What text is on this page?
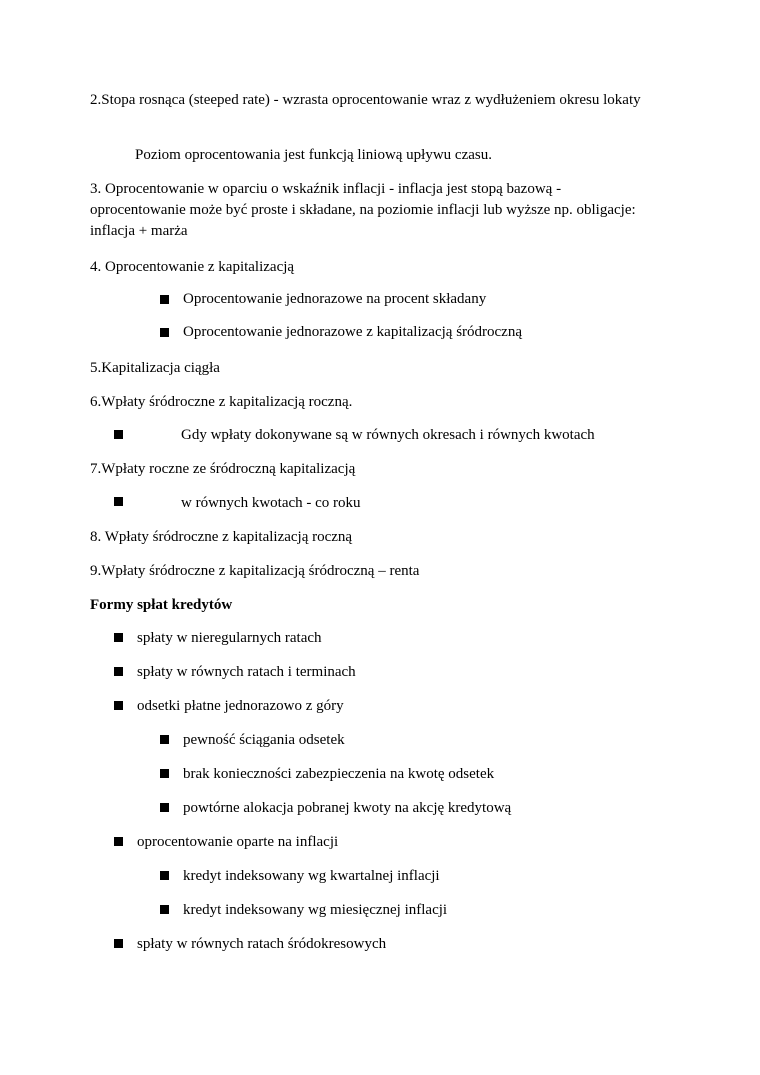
2.Stopa rosnąca (steeped rate) - wzrasta oprocentowanie wraz z wydłużeniem okresu lokaty
Poziom oprocentowania jest funkcją liniową upływu czasu.
3. Oprocentowanie w oparciu o wskaźnik inflacji - inflacja jest stopą bazową - oprocentowanie może być proste i składane, na poziomie inflacji lub wyższe np. obligacje: inflacja + marża
4. Oprocentowanie z kapitalizacją
Oprocentowanie jednorazowe na procent składany
Oprocentowanie jednorazowe z kapitalizacją śródroczną
5.Kapitalizacja ciągła
6.Wpłaty śródroczne z kapitalizacją roczną.
Gdy wpłaty dokonywane są w równych okresach i równych kwotach
7.Wpłaty roczne ze śródroczną kapitalizacją
w równych kwotach - co roku
8. Wpłaty śródroczne z kapitalizacją roczną
9.Wpłaty śródroczne z kapitalizacją śródroczną – renta
Formy spłat kredytów
spłaty w nieregularnych ratach
spłaty w równych ratach i terminach
odsetki płatne jednorazowo z góry
pewność ściągania odsetek
brak konieczności zabezpieczenia na kwotę odsetek
powtórne alokacja pobranej kwoty na akcję kredytową
oprocentowanie oparte na inflacji
kredyt indeksowany wg kwartalnej inflacji
kredyt indeksowany wg miesięcznej inflacji
spłaty w równych ratach śródokresowych
